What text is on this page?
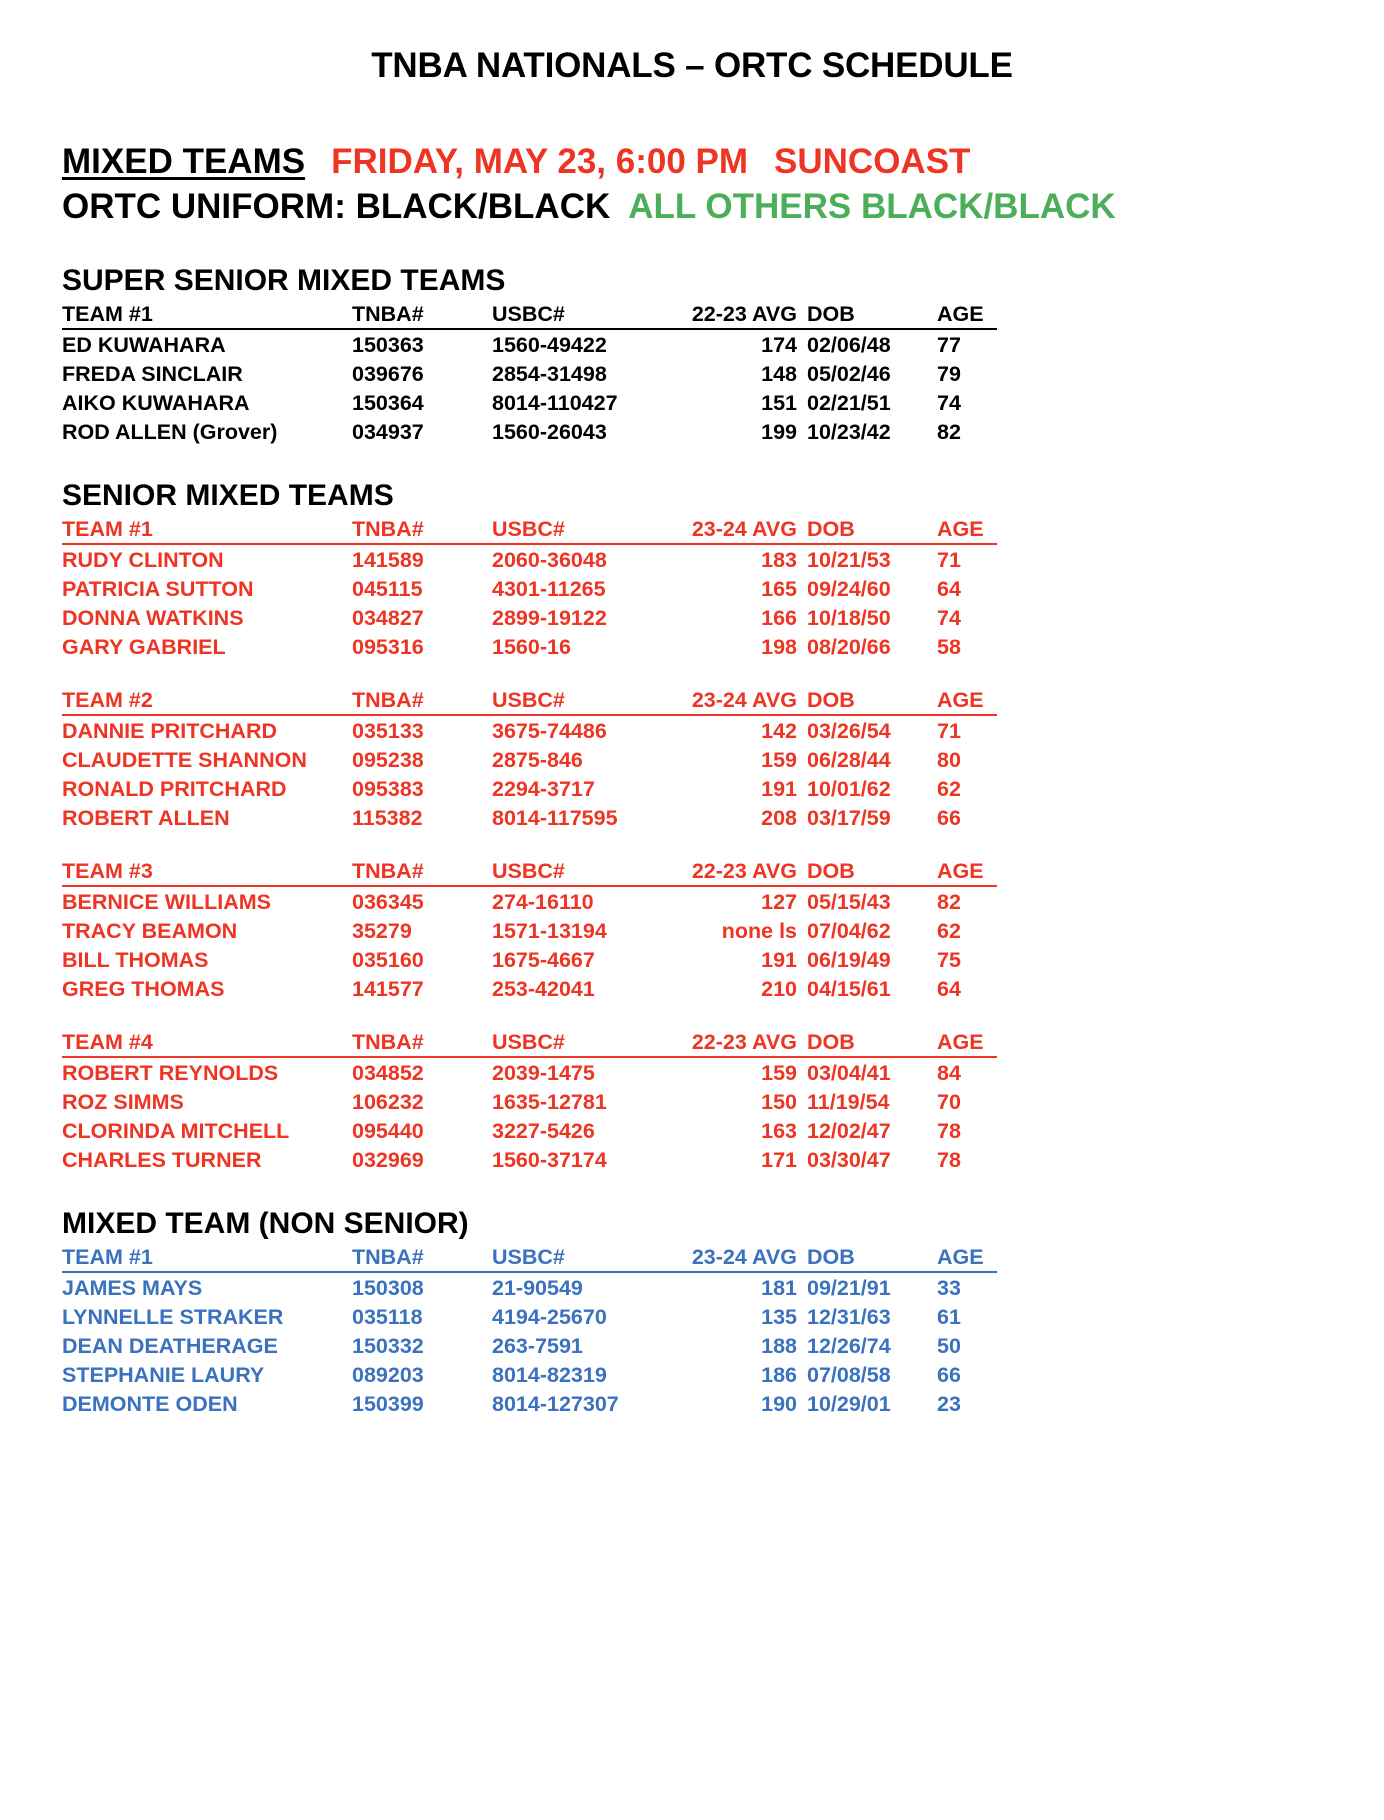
TNBA NATIONALS – ORTC SCHEDULE
MIXED TEAMS FRIDAY, MAY 23, 6:00 PM SUNCOAST
ORTC UNIFORM: BLACK/BLACK ALL OTHERS BLACK/BLACK
SUPER SENIOR MIXED TEAMS
TEAM #1	TNBA#	USBC#	22-23 AVG	DOB	AGE
ED KUWAHARA	150363	1560-49422	174	02/06/48	77
FREDA SINCLAIR	039676	2854-31498	148	05/02/46	79
AIKO KUWAHARA	150364	8014-110427	151	02/21/51	74
ROD ALLEN (Grover)	034937	1560-26043	199	10/23/42	82
SENIOR MIXED TEAMS
TEAM #1	TNBA#	USBC#	23-24 AVG	DOB	AGE
RUDY CLINTON	141589	2060-36048	183	10/21/53	71
PATRICIA SUTTON	045115	4301-11265	165	09/24/60	64
DONNA WATKINS	034827	2899-19122	166	10/18/50	74
GARY GABRIEL	095316	1560-16	198	08/20/66	58
TEAM #2	TNBA#	USBC#	23-24 AVG	DOB	AGE
DANNIE PRITCHARD	035133	3675-74486	142	03/26/54	71
CLAUDETTE SHANNON	095238	2875-846	159	06/28/44	80
RONALD PRITCHARD	095383	2294-3717	191	10/01/62	62
ROBERT ALLEN	115382	8014-117595	208	03/17/59	66
TEAM #3	TNBA#	USBC#	22-23 AVG	DOB	AGE
BERNICE WILLIAMS	036345	274-16110	127	05/15/43	82
TRACY BEAMON	35279	1571-13194	none ls	07/04/62	62
BILL THOMAS	035160	1675-4667	191	06/19/49	75
GREG THOMAS	141577	253-42041	210	04/15/61	64
TEAM #4	TNBA#	USBC#	22-23 AVG	DOB	AGE
ROBERT REYNOLDS	034852	2039-1475	159	03/04/41	84
ROZ SIMMS	106232	1635-12781	150	11/19/54	70
CLORINDA MITCHELL	095440	3227-5426	163	12/02/47	78
CHARLES TURNER	032969	1560-37174	171	03/30/47	78
MIXED TEAM (NON SENIOR)
TEAM #1	TNBA#	USBC#	23-24 AVG	DOB	AGE
JAMES MAYS	150308	21-90549	181	09/21/91	33
LYNNELLE STRAKER	035118	4194-25670	135	12/31/63	61
DEAN DEATHERAGE	150332	263-7591	188	12/26/74	50
STEPHANIE LAURY	089203	8014-82319	186	07/08/58	66
DEMONTE ODEN	150399	8014-127307	190	10/29/01	23
